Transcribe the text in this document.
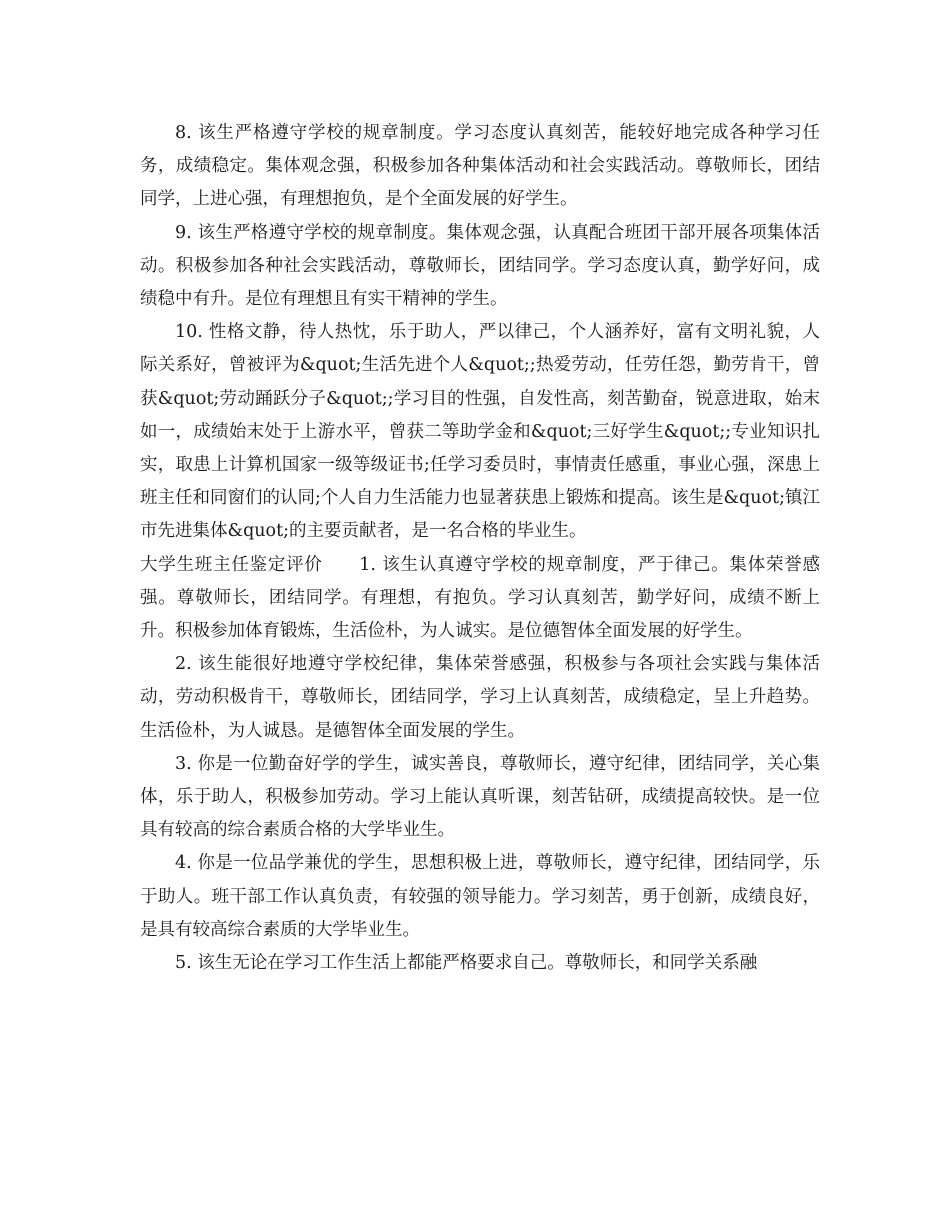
8. 该生严格遵守学校的规章制度。学习态度认真刻苦，能较好地完成各种学习任务，成绩稳定。集体观念强，积极参加各种集体活动和社会实践活动。尊敬师长，团结同学，上进心强，有理想抱负，是个全面发展的好学生。

9. 该生严格遵守学校的规章制度。集体观念强，认真配合班团干部开展各项集体活动。积极参加各种社会实践活动，尊敬师长，团结同学。学习态度认真，勤学好问，成绩稳中有升。是位有理想且有实干精神的学生。

10. 性格文静，待人热忱，乐于助人，严以律己，个人涵养好，富有文明礼貌，人际关系好，曾被评为&quot;生活先进个人&quot;;热爱劳动，任劳任怨，勤劳肯干，曾获&quot;劳动踊跃分子&quot;;学习目的性强，自发性高，刻苦勤奋，锐意进取，始末如一，成绩始末处于上游水平，曾获二等助学金和&quot;三好学生&quot;;专业知识扎实，取患上计算机国家一级等级证书;任学习委员时，事情责任感重，事业心强，深患上班主任和同窗们的认同;个人自力生活能力也显著获患上锻炼和提高。该生是&quot;镇江市先进集体&quot;的主要贡献者，是一名合格的毕业生。

大学生班主任鉴定评价　　1. 该生认真遵守学校的规章制度，严于律己。集体荣誉感强。尊敬师长，团结同学。有理想，有抱负。学习认真刻苦，勤学好问，成绩不断上升。积极参加体育锻炼，生活俭朴，为人诚实。是位德智体全面发展的好学生。

2. 该生能很好地遵守学校纪律，集体荣誉感强，积极参与各项社会实践与集体活动，劳动积极肯干，尊敬师长，团结同学，学习上认真刻苦，成绩稳定，呈上升趋势。生活俭朴，为人诚恳。是德智体全面发展的学生。

3. 你是一位勤奋好学的学生，诚实善良，尊敬师长，遵守纪律，团结同学，关心集体，乐于助人，积极参加劳动。学习上能认真听课，刻苦钻研，成绩提高较快。是一位具有较高的综合素质合格的大学毕业生。

4. 你是一位品学兼优的学生，思想积极上进，尊敬师长，遵守纪律，团结同学，乐于助人。班干部工作认真负责，有较强的领导能力。学习刻苦，勇于创新，成绩良好，是具有较高综合素质的大学毕业生。

5. 该生无论在学习工作生活上都能严格要求自己。尊敬师长，和同学关系融
